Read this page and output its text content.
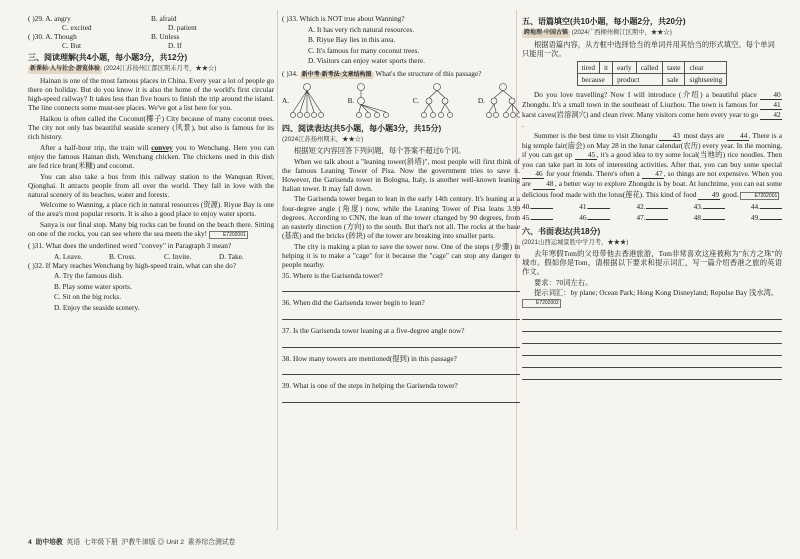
( )29. A. angry	B. afraid
C. excited	D. patient
( )30. A. Though	B. Unless
C. But	D. If
三、阅读理解(共4小题，每小题3分，共12分)
新课标·人与社会·游览体验 (2024江苏扬州江都区期末月考，★★☆)

Hainan is one of the most famous places in China. Every year a lot of people go there on holiday. But do you know it is also the home of the world's first circular high-speed railway? It takes less than five hours to finish the trip around the island. The line connects some must-see places. We've got a list here for you.

Haikou is often called the Coconut(椰子) City because of many coconut trees. The city not only has beautiful seaside scenery (风景), but also is famous for its rich history.

After a half-hour trip, the train will convey you to Wenchang. Here you can enjoy the famous Hainan dish, Wenchang chicken. The chickens used in this dish are fed rice bran(米糠) and coconut.

You can also take a bus from this railway station to the Wanquan River, Qionghai. It attracts people from all over the world. They fall in love with the natural scenery of its beaches, water and forests.

Welcome to Wanning, a place rich in natural resources (资源). Riyue Bay is one of the area's most popular resorts. It is also a good place to enjoy water sports.

Sanya is our final stop. Many big rocks can be found on the beach there. Sitting on one of the rocks, you can see where the sea meets the sky!	E7202001

( )31. What does the underlined word "convey" in Paragraph 3 mean?

A. Leave.	B. Cross.	C. Invite.	D. Take.

( )32. If Mary reaches Wenchang by high-speed train, what can she do?

A. Try the famous dish.

B. Play some water sports.

C. Sit on the big rocks.

D. Enjoy the seaside scenery.

( )33. Which is NOT true about Wanning?

A. It has very rich natural resources.

B. Riyue Bay lies in this area.

C. It's famous for many coconut trees.

D. Visitors can enjoy water sports there.

( )34. 新中考·新考法·文章结构图 What's the structure of this passage?

A.	B.	C.	D.
四、阅读表达(共5小题，每小题3分，共15分)
(2024江苏扬州期末，★★☆)

根据短文内容回答下列问题，每个答案不超过6个词。

When we talk about a "leaning tower(斜塔)", most people will first think of the famous Leaning Tower of Pisa. Now the government tries to save it. However, the Garisenda tower in Bologna, Italy, is another well-known leaning Italian tower. It may fall down.

The Garisenda tower began to lean in the early 14th century. It's leaning at a four-degree angle (角度) now, while the Leaning Tower of Pisa leans 3.99 degrees. According to CNN, the lean of the tower changed by 90 degrees, from an easterly direction (方向) to the south. But that's not all. The rocks at the base (基底) and the bricks (砖块) of the tower are breaking into smaller parts.

The city is making a plan to save the tower now. One of the steps (步骤) in helping it is to make a "cage" for it because the "cage" can stop any danger to people nearby.

35. Where is the Garisenda tower?

36. When did the Garisenda tower begin to lean?

37. Is the Garisenda tower leaning at a five-degree angle now?

38. How many towers are mentioned(提到) in this passage?

39. What is one of the steps in helping the Garisenda tower?

五、语篇填空(共10小题，每小题2分，共20分)
跨地理·中国古镇 (2024广西柳州柳江区期中，★★☆)

根据语篇内容，从方框中选择恰当的单词并用其恰当的形式填空。每个单词只能用一次。

tired	it	early	called	taste	clear
because		product		sale	sightseeing

Do you love travelling? Now I will introduce (介绍) a beautiful place 40 Zhongdu. It's a small town in the southeast of Liuzhou. The town is famous for 41 karst caves(岩溶洞穴) and clean river. Many visitors come here every year to go 42.

Summer is the best time to visit Zhongdu 43 most days are 44. There is a big temple fair(庙会) on May 28 in the lunar calendar(农历) every year. In the morning, if you can get up 45, it's a good idea to try some local(当地的) rice noodles. Then you can take part in lots of interesting activities. After that, you can buy some special 46 for your friends. There's often a 47, so things are not expensive. When you are 48, a better way to explore Zhongdu is by boat. At lunchtime, you can eat some delicious food made with the lotus(莲花). This kind of food 49 good.	E7202001

40.	41.	42.	43.	44.
45.	46.	47.	48.	49.
六、书面表达(共18分)
(2021山西运城景胜中学月考，★★★)

去年寒假Tom的父母带他去香港旅游，Tom非常喜欢这座被称为"东方之珠"的城市。假如你是Tom，请根据以下要求和提示词汇，写一篇介绍香港之旅的英语作文。

要求：70词左右。

提示词汇：by plane; Ocean Park; Hong Kong Disneyland; Repulse Bay 浅水湾。 E7202002

4 助中培教 英语 七年级下册 沪教牛津版 ◎ Unit 2 素养综合测试卷
